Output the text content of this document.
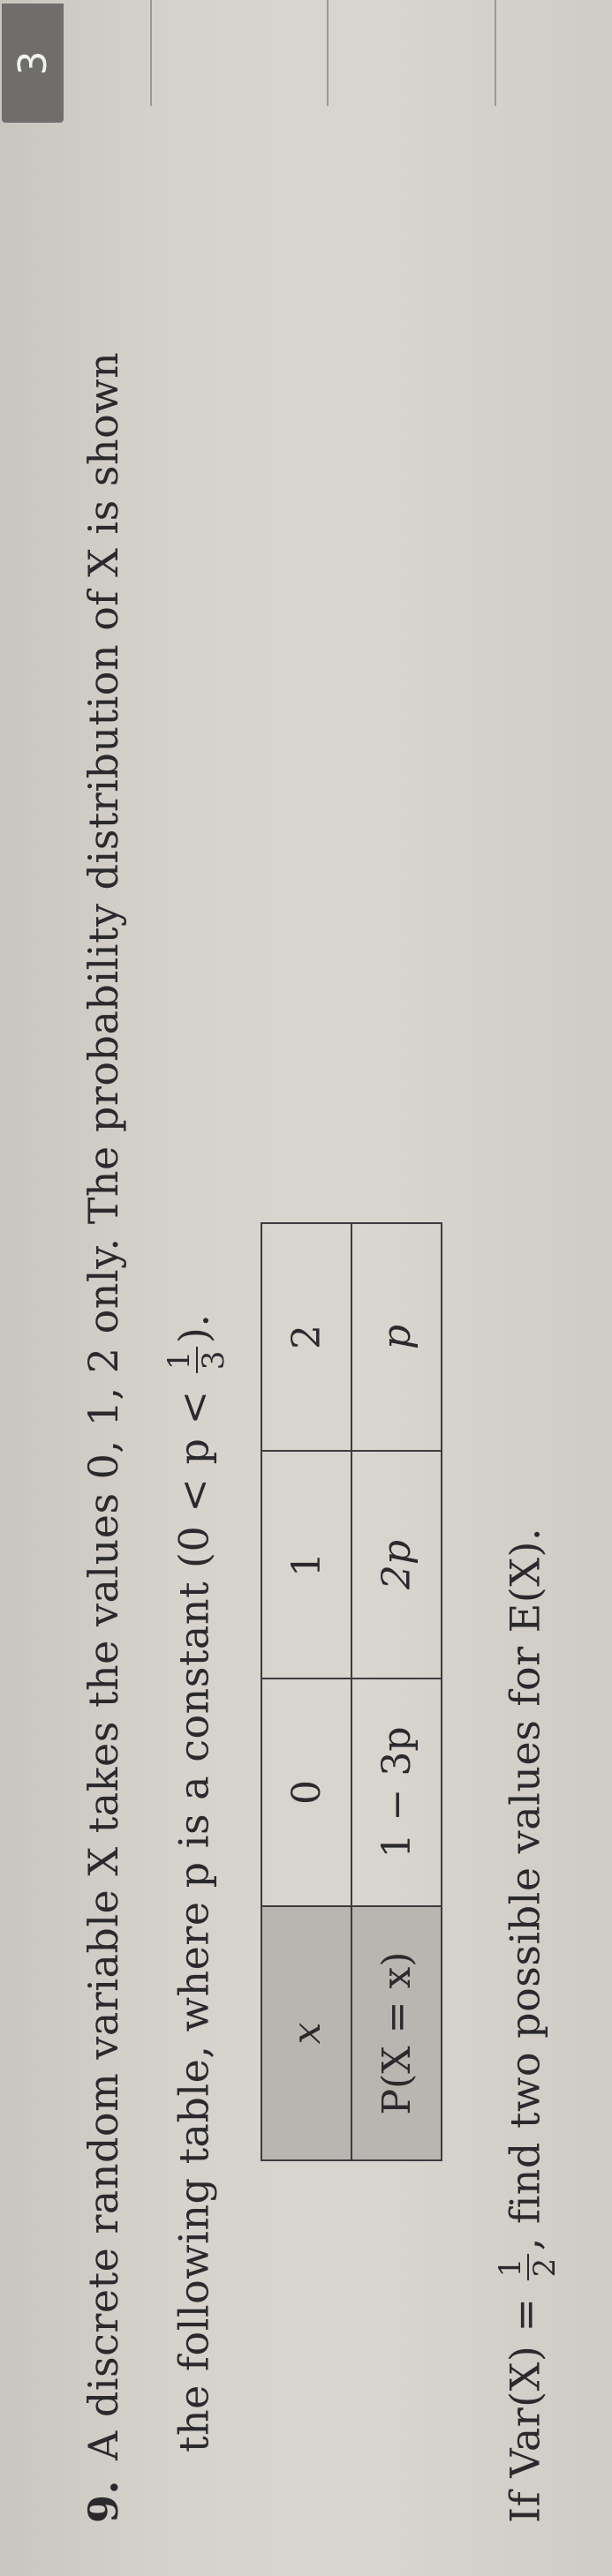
3
9.A discrete random variable X takes the values 0, 1, 2 only. The probability distribution of X is shown the following table, where p is a constant (0 < p <
1 3
).
x	0	1	2
P(X = x)	1 − 3p	2p	p
If Var(X) =
1 2
, find two possible values for E(X).
